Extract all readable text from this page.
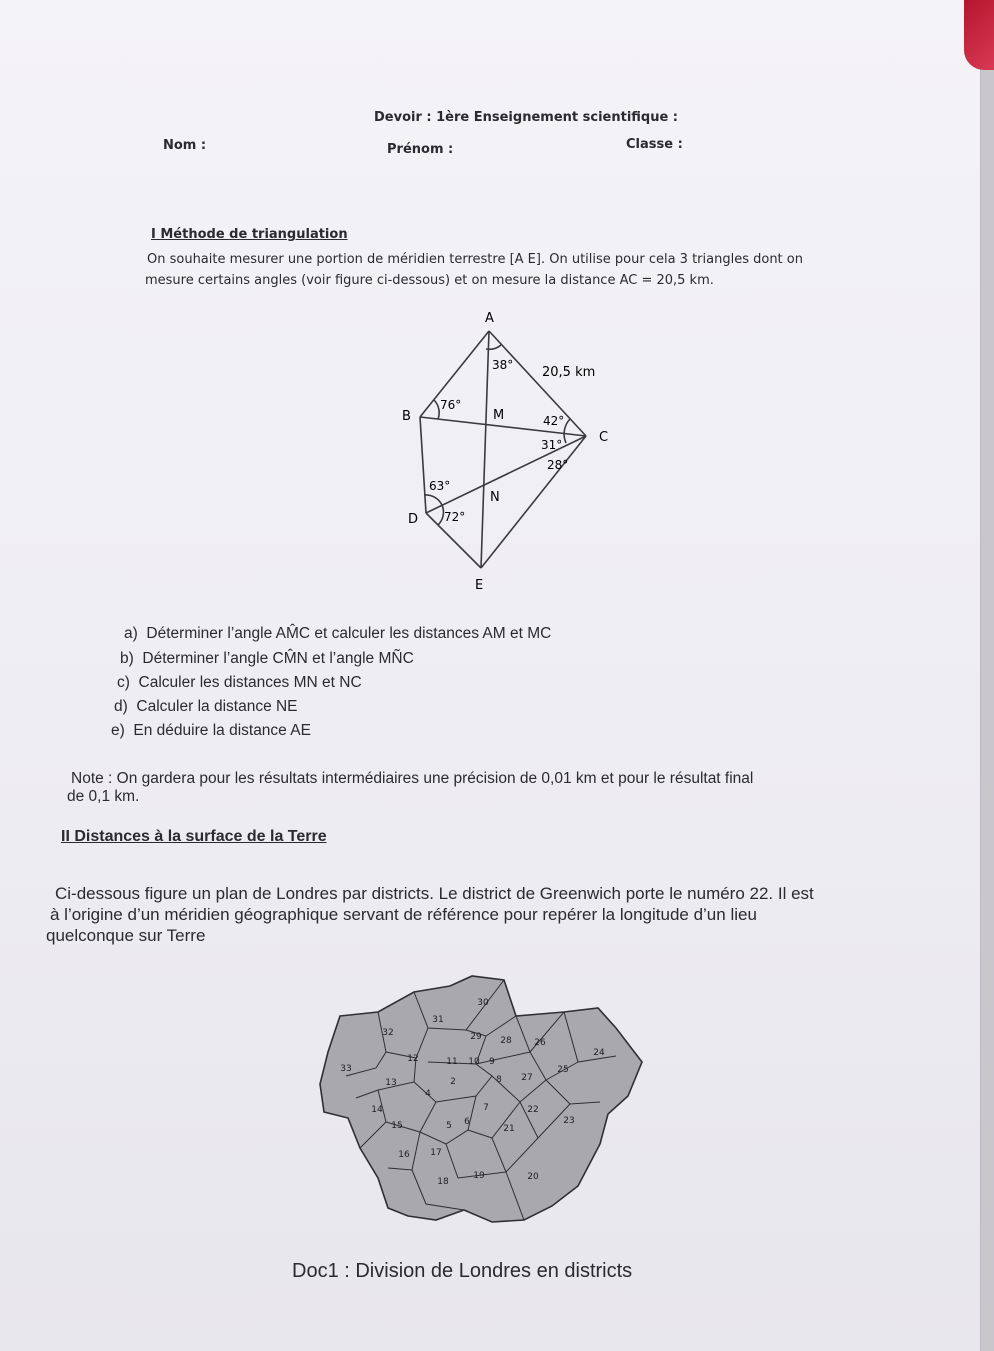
Devoir : 1ère Enseignement scientifique :
Nom :	Prénom :	Classe :
I Méthode de triangulation
On souhaite mesurer une portion de méridien terrestre [A E]. On utilise pour cela 3 triangles dont on
mesure certains angles (voir figure ci-dessous) et on mesure la distance AC = 20,5 km.
A
B
C
D
E
M
N
38°
76°
42°
31°
28°
63°
72°
20,5 km
a) Déterminer l’angle AM̂C et calculer les distances AM et MC
b) Déterminer l’angle CM̂N et l’angle MÑC
c) Calculer les distances MN et NC
d) Calculer la distance NE
e) En déduire la distance AE
Note : On gardera pour les résultats intermédiaires une précision de 0,01 km et pour le résultat final
de 0,1 km.
II Distances à la surface de la Terre
Ci-dessous figure un plan de Londres par districts. Le district de Greenwich porte le numéro 22. Il est
à l’origine d’un méridien géographique servant de référence pour repérer la longitude d’un lieu
quelconque sur Terre
30
31
32	29 28	26
24
33
12	11 10 9
13	2	8 27
25
14	7	22
15	5 6
21
23
16 17
19	20
18
4
Doc1 : Division de Londres en districts
